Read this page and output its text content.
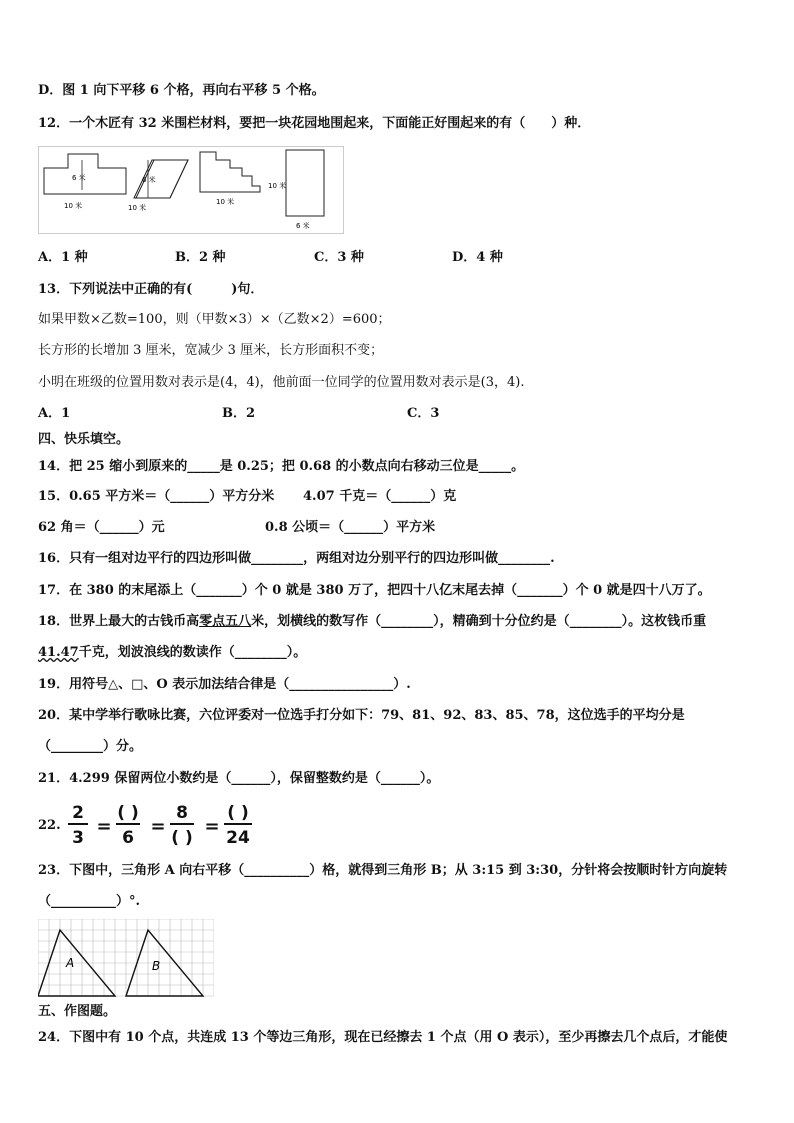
D．图 1 向下平移 6 个格，再向右平移 5 个格。
12．一个木匠有 32 米围栏材料，要把一块花园地围起来，下面能正好围起来的有（　　）种．
6 米
10 米
6 米
10 米
10 米
10 米
6 米
A．1 种	B．2 种	C．3 种	D．4 种
13．下列说法中正确的有(　　　)句．
如果甲数×乙数=100，则（甲数×3）×（乙数×2）=600；
长方形的长增加 3 厘米，宽减少 3 厘米，长方形面积不变；
小明在班级的位置用数对表示是(4，4)，他前面一位同学的位置用数对表示是(3，4).
A．1	B．2	C．3
四、快乐填空。
14．把 25 缩小到原来的_____是 0.25；把 0.68 的小数点向右移动三位是_____。
15．0.65 平方米＝（______）平方分米 4.07 千克＝（______）克
62 角＝（______）元	0.8 公顷＝（______）平方米
16．只有一组对边平行的四边形叫做________，两组对边分别平行的四边形叫做________.
17．在 380 的末尾添上（_______）个 0 就是 380 万了，把四十八亿末尾去掉（_______）个 0 就是四十八万了。
18．世界上最大的古钱币高零点五八米，划横线的数写作（________），精确到十分位约是（________）。这枚钱币重
41.47千克，划波浪线的数读作（________）。
19．用符号△、□、O 表示加法结合律是（________________）.
20．某中学举行歌咏比赛，六位评委对一位选手打分如下：79、81、92、83、85、78，这位选手的平均分是
（________）分。
21．4.299 保留两位小数约是（______），保留整数约是（______）。
22.
2
3
=
( )
6
=
8
( )
=
( )
24
23．下图中，三角形 A 向右平移（__________）格，就得到三角形 B；从 3:15 到 3:30，分针将会按顺时针方向旋转
（__________）°.
A	B
五、作图题。
24．下图中有 10 个点，共连成 13 个等边三角形，现在已经擦去 1 个点（用 O 表示），至少再擦去几个点后，才能使
